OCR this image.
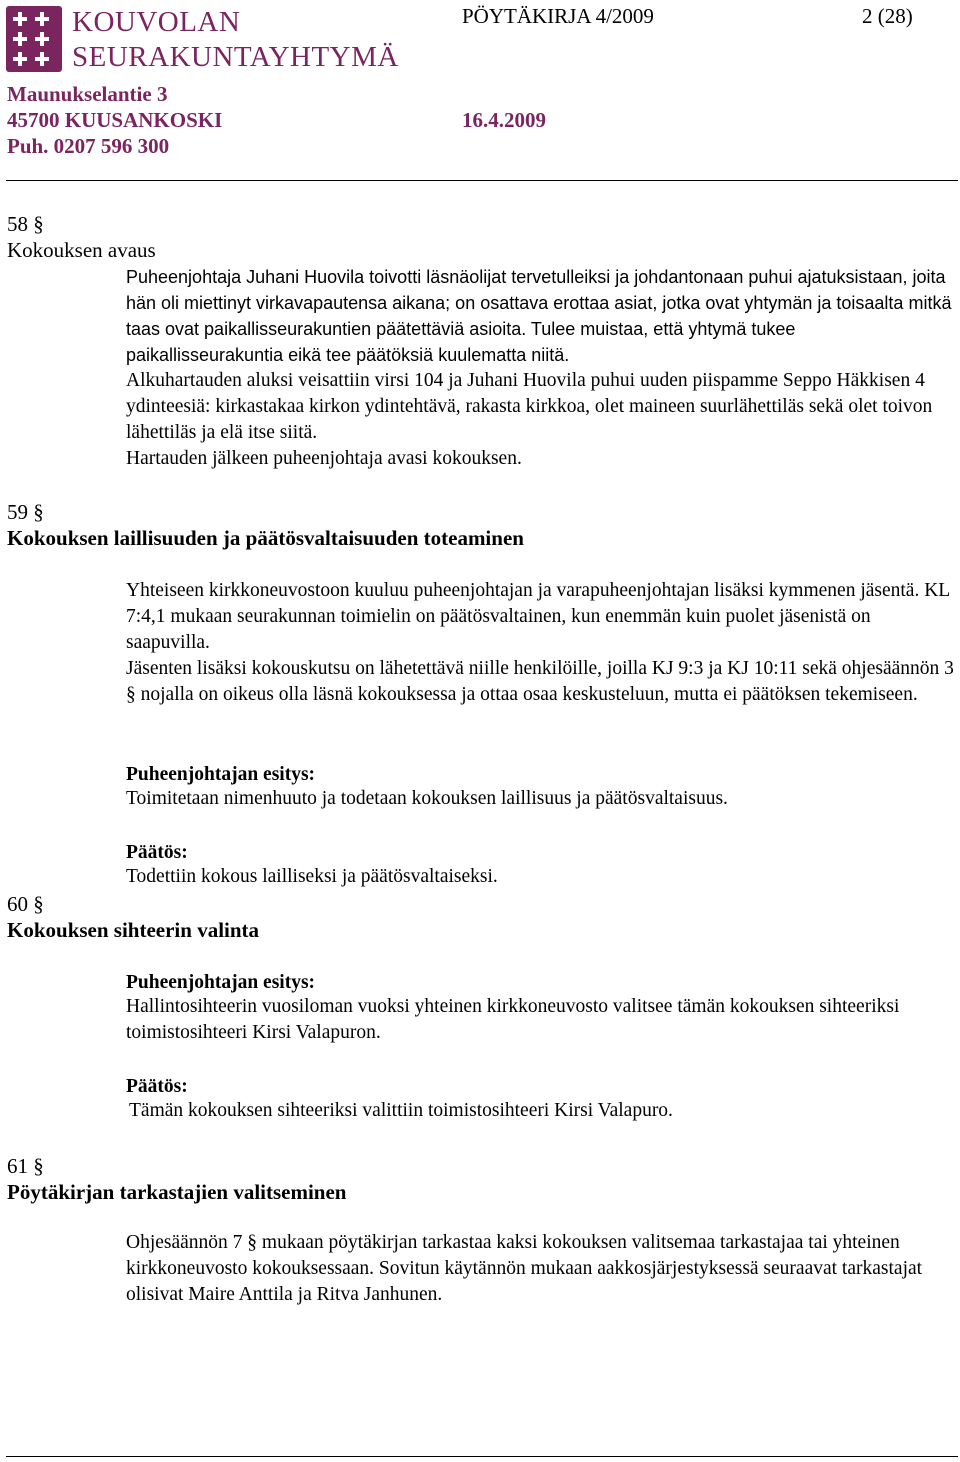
KOUVOLAN
SEURAKUNTAYHTYMÄ
PÖYTÄKIRJA 4/2009	2 (28)
Maunukselantie 3
45700 KUUSANKOSKI	16.4.2009
Puh. 0207 596 300
58 §
Kokouksen avaus

Puheenjohtaja Juhani Huovila toivotti läsnäolijat tervetulleiksi ja johdantonaan puhui ajatuksistaan, joita hän oli miettinyt virkavapautensa aikana; on osattava erottaa asiat, jotka ovat yhtymän ja toisaalta mitkä taas ovat paikallisseurakuntien päätettäviä asioita. Tulee muistaa, että yhtymä tukee paikallisseurakuntia eikä tee päätöksiä kuulematta niitä.

Alkuhartauden aluksi veisattiin virsi 104 ja Juhani Huovila puhui uuden piispamme Seppo Häkkisen 4 ydinteesiä: kirkastakaa kirkon ydintehtävä, rakasta kirkkoa, olet maineen suurlähettiläs sekä olet toivon lähettiläs ja elä itse siitä.

Hartauden jälkeen puheenjohtaja avasi kokouksen.

59 §
Kokouksen laillisuuden ja päätösvaltaisuuden toteaminen

Yhteiseen kirkkoneuvostoon kuuluu puheenjohtajan ja varapuheenjohtajan lisäksi kymmenen jäsentä. KL 7:4,1 mukaan seurakunnan toimielin on päätösvaltainen, kun enemmän kuin puolet jäsenistä on saapuvilla.

Jäsenten lisäksi kokouskutsu on lähetettävä niille henkilöille, joilla KJ 9:3 ja KJ 10:11 sekä ohjesäännön 3 § nojalla on oikeus olla läsnä kokouksessa ja ottaa osaa keskusteluun, mutta ei päätöksen tekemiseen.

Puheenjohtajan esitys:

Toimitetaan nimenhuuto ja todetaan kokouksen laillisuus ja päätösvaltaisuus.

Päätös:

Todettiin kokous lailliseksi ja päätösvaltaiseksi.

60 §
Kokouksen sihteerin valinta
Puheenjohtajan esitys:

Hallintosihteerin vuosiloman vuoksi yhteinen kirkkoneuvosto valitsee tämän kokouksen sihteeriksi toimistosihteeri Kirsi Valapuron.

Päätös:

Tämän kokouksen sihteeriksi valittiin toimistosihteeri Kirsi Valapuro.

61 §
Pöytäkirjan tarkastajien valitseminen

Ohjesäännön 7 § mukaan pöytäkirjan tarkastaa kaksi kokouksen valitsemaa tarkastajaa tai yhteinen kirkkoneuvosto kokouksessaan. Sovitun käytännön mukaan aakkosjärjestyksessä seuraavat tarkastajat olisivat Maire Anttila ja Ritva Janhunen.
